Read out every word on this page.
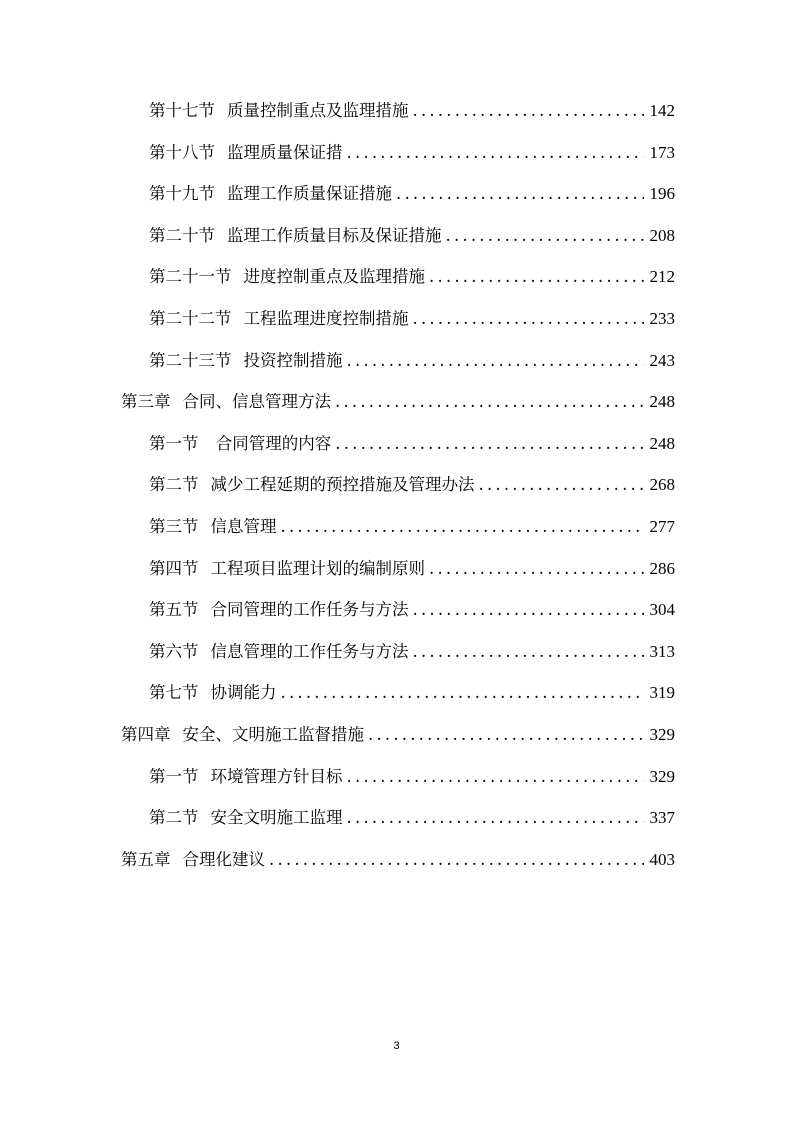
第十七节 质量控制重点及监理措施 .....	142
第十八节 监理质量保证措 .....	173
第十九节 监理工作质量保证措施 .....	196
第二十节 监理工作质量目标及保证措施 .....	208
第二十一节 进度控制重点及监理措施 .....	212
第二十二节 工程监理进度控制措施 .....	233
第二十三节 投资控制措施 .....	243
第三章 合同、信息管理方法 .....	248
第一节 合同管理的内容 .....	248
第二节 减少工程延期的预控措施及管理办法 .....	268
第三节 信息管理 .....	277
第四节 工程项目监理计划的编制原则 .....	286
第五节 合同管理的工作任务与方法 .....	304
第六节 信息管理的工作任务与方法 .....	313
第七节 协调能力 .....	319
第四章 安全、文明施工监督措施 .....	329
第一节 环境管理方针目标 .....	329
第二节 安全文明施工监理 .....	337
第五章 合理化建议 .....	403
3
